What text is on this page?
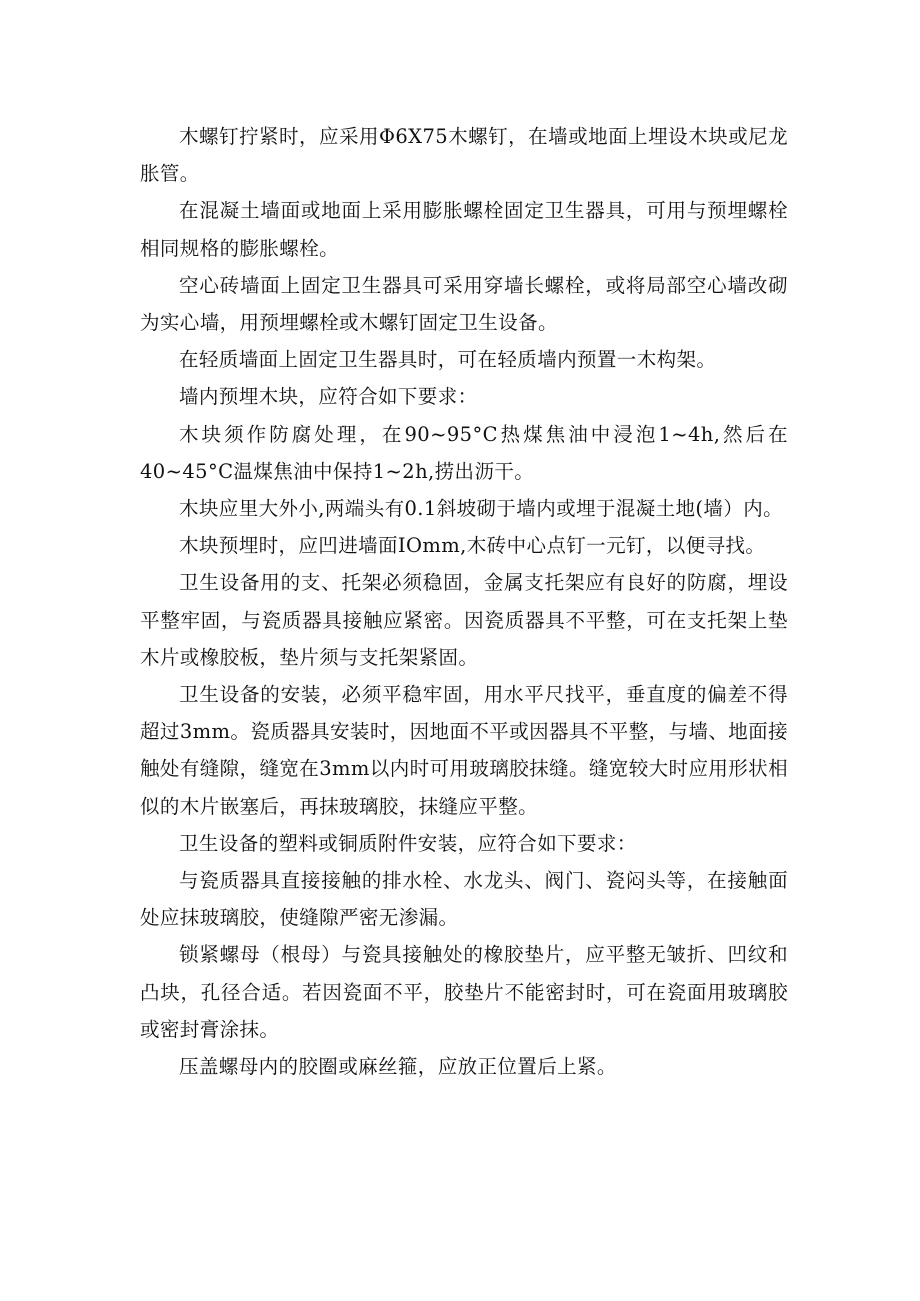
木螺钉拧紧时，应采用Φ6X75木螺钉，在墙或地面上埋设木块或尼龙胀管。

在混凝土墙面或地面上采用膨胀螺栓固定卫生器具，可用与预埋螺栓相同规格的膨胀螺栓。

空心砖墙面上固定卫生器具可采用穿墙长螺栓，或将局部空心墙改砌为实心墙，用预埋螺栓或木螺钉固定卫生设备。

在轻质墙面上固定卫生器具时，可在轻质墙内预置一木构架。

墙内预埋木块，应符合如下要求：

木块须作防腐处理，在90~95°C热煤焦油中浸泡1~4h,然后在40~45°C温煤焦油中保持1~2h,捞出沥干。

木块应里大外小,两端头有0.1斜坡砌于墙内或埋于混凝土地(墙）内。

木块预埋时，应凹进墙面IOmm,木砖中心点钉一元钉，以便寻找。

卫生设备用的支、托架必须稳固，金属支托架应有良好的防腐，埋设平整牢固，与瓷质器具接触应紧密。因瓷质器具不平整，可在支托架上垫木片或橡胶板，垫片须与支托架紧固。

卫生设备的安装，必须平稳牢固，用水平尺找平，垂直度的偏差不得超过3mm。瓷质器具安装时，因地面不平或因器具不平整，与墙、地面接触处有缝隙，缝宽在3mm以内时可用玻璃胶抹缝。缝宽较大时应用形状相似的木片嵌塞后，再抹玻璃胶，抹缝应平整。

卫生设备的塑料或铜质附件安装，应符合如下要求：

与瓷质器具直接接触的排水栓、水龙头、阀门、瓷闷头等，在接触面处应抹玻璃胶，使缝隙严密无渗漏。

锁紧螺母（根母）与瓷具接触处的橡胶垫片，应平整无皱折、凹纹和凸块，孔径合适。若因瓷面不平，胶垫片不能密封时，可在瓷面用玻璃胶或密封膏涂抹。

压盖螺母内的胶圈或麻丝箍，应放正位置后上紧。
